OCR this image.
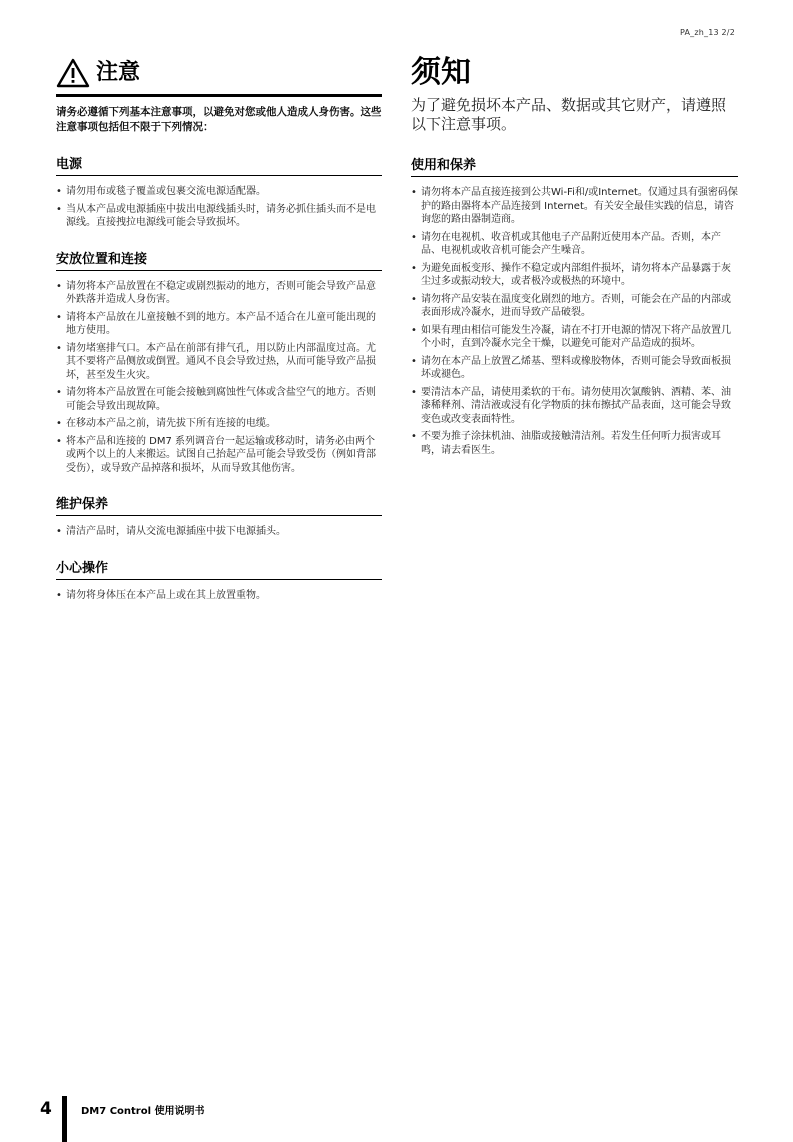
PA_zh_13 2/2
注意

请务必遵循下列基本注意事项，以避免对您或他人造成人身伤害。这些注意事项包括但不限于下列情况：

电源
• 请勿用布或毯子覆盖或包裹交流电源适配器。
• 当从本产品或电源插座中拔出电源线插头时，请务必抓住插头而不是电源线。直接拽拉电源线可能会导致损坏。
安放位置和连接
• 请勿将本产品放置在不稳定或剧烈振动的地方，否则可能会导致产品意外跌落并造成人身伤害。
• 请将本产品放在儿童接触不到的地方。本产品不适合在儿童可能出现的地方使用。
• 请勿堵塞排气口。本产品在前部有排气孔，用以防止内部温度过高。尤其不要将产品侧放或倒置。通风不良会导致过热，从而可能导致产品损坏，甚至发生火灾。
• 请勿将本产品放置在可能会接触到腐蚀性气体或含盐空气的地方。否则可能会导致出现故障。
• 在移动本产品之前，请先拔下所有连接的电缆。
• 将本产品和连接的 DM7 系列调音台一起运输或移动时，请务必由两个或两个以上的人来搬运。试图自己抬起产品可能会导致受伤（例如背部受伤），或导致产品掉落和损坏，从而导致其他伤害。
维护保养
• 清洁产品时，请从交流电源插座中拔下电源插头。
小心操作
• 请勿将身体压在本产品上或在其上放置重物。
须知

为了避免损坏本产品、数据或其它财产，请遵照以下注意事项。

使用和保养
• 请勿将本产品直接连接到公共Wi-Fi和/或Internet。仅通过具有强密码保护的路由器将本产品连接到 Internet。有关安全最佳实践的信息，请咨询您的路由器制造商。
• 请勿在电视机、收音机或其他电子产品附近使用本产品。否则，本产品、电视机或收音机可能会产生噪音。
• 为避免面板变形、操作不稳定或内部组件损坏，请勿将本产品暴露于灰尘过多或振动较大，或者极冷或极热的环境中。
• 请勿将产品安装在温度变化剧烈的地方。否则，可能会在产品的内部或表面形成冷凝水，进而导致产品破裂。
• 如果有理由相信可能发生冷凝，请在不打开电源的情况下将产品放置几个小时，直到冷凝水完全干燥，以避免可能对产品造成的损坏。
• 请勿在本产品上放置乙烯基、塑料或橡胶物体，否则可能会导致面板损坏或褪色。
• 要清洁本产品，请使用柔软的干布。请勿使用次氯酸钠、酒精、苯、油漆稀释剂、清洁液或浸有化学物质的抹布擦拭产品表面，这可能会导致变色或改变表面特性。
• 不要为推子涂抹机油、油脂或接触清洁剂。若发生任何听力损害或耳鸣，请去看医生。
4	DM7 Control 使用说明书
